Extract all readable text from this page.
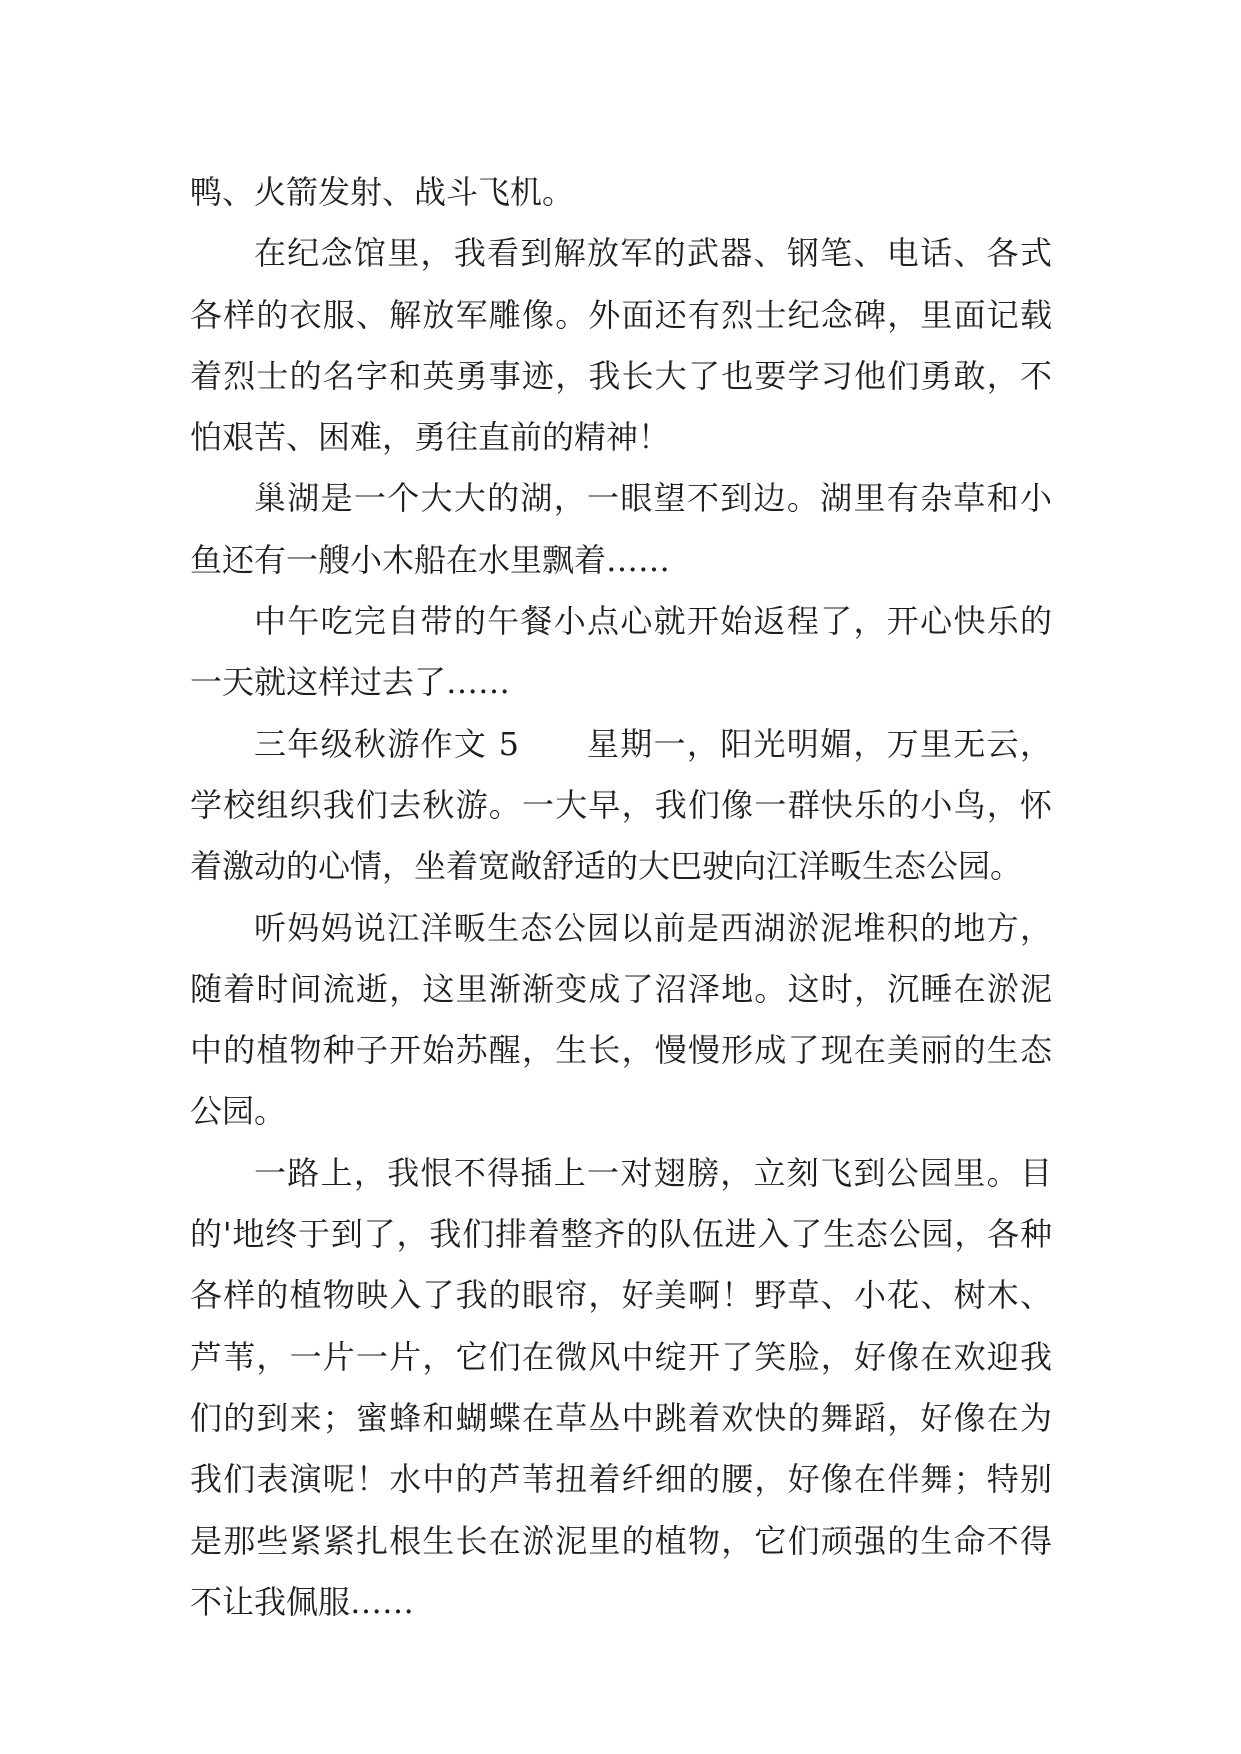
鸭、火箭发射、战斗飞机。

在纪念馆里，我看到解放军的武器、钢笔、电话、各式各样的衣服、解放军雕像。外面还有烈士纪念碑，里面记载着烈士的名字和英勇事迹，我长大了也要学习他们勇敢，不怕艰苦、困难，勇往直前的精神！

巢湖是一个大大的湖，一眼望不到边。湖里有杂草和小鱼还有一艘小木船在水里飘着……

中午吃完自带的午餐小点心就开始返程了，开心快乐的一天就这样过去了……

三年级秋游作文 5　　星期一，阳光明媚，万里无云，学校组织我们去秋游。一大早，我们像一群快乐的小鸟，怀着激动的心情，坐着宽敞舒适的大巴驶向江洋畈生态公园。

听妈妈说江洋畈生态公园以前是西湖淤泥堆积的地方，随着时间流逝，这里渐渐变成了沼泽地。这时，沉睡在淤泥中的植物种子开始苏醒，生长，慢慢形成了现在美丽的生态公园。

一路上，我恨不得插上一对翅膀，立刻飞到公园里。目的'地终于到了，我们排着整齐的队伍进入了生态公园，各种各样的植物映入了我的眼帘，好美啊！野草、小花、树木、芦苇，一片一片，它们在微风中绽开了笑脸，好像在欢迎我们的到来；蜜蜂和蝴蝶在草丛中跳着欢快的舞蹈，好像在为我们表演呢！水中的芦苇扭着纤细的腰，好像在伴舞；特别是那些紧紧扎根生长在淤泥里的植物，它们顽强的生命不得不让我佩服……
